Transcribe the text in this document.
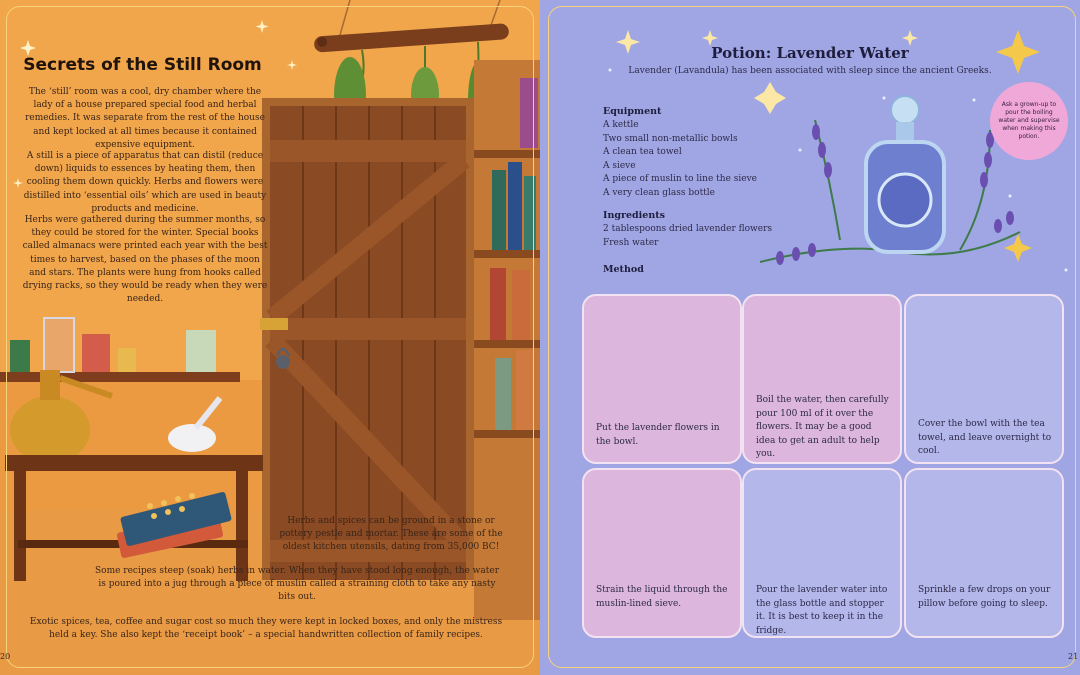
Secrets of the Still Room

The ‘still’ room was a cool, dry chamber where the lady of a house prepared special food and herbal remedies. It was separate from the rest of the house and kept locked at all times because it contained expensive equipment.

A still is a piece of apparatus that can distil (reduce down) liquids to essences by heating them, then cooling them down quickly. Herbs and flowers were distilled into ‘essential oils’ which are used in beauty products and medicine.

Herbs were gathered during the summer months, so they could be stored for the winter. Special books called almanacs were printed each year with the best times to harvest, based on the phases of the moon and stars. The plants were hung from hooks called drying racks, so they would be ready when they were needed.

Herbs and spices can be ground in a stone or pottery pestle and mortar. These are some of the oldest kitchen utensils, dating from 35,000 BC!

Some recipes steep (soak) herbs in water. When they have stood long enough, the water is poured into a jug through a piece of muslin called a straining cloth to take any nasty bits out.

Exotic spices, tea, coffee and sugar cost so much they were kept in locked boxes, and only the mistress held a key. She also kept the ‘receipt book’ – a special handwritten collection of family recipes.

20
Potion: Lavender Water

Lavender (Lavandula) has been associated with sleep since the ancient Greeks.

Ask a grown-up to pour the boiling water and supervise when making this potion.
Equipment
A kettle
Two small non-metallic bowls
A clean tea towel
A sieve
A piece of muslin to line the sieve
A very clean glass bottle
Ingredients
2 tablespoons dried lavender flowers
Fresh water
Method

Put the lavender flowers in the bowl.

Boil the water, then carefully pour 100 ml of it over the flowers. It may be a good idea to get an adult to help you.

Cover the bowl with the tea towel, and leave overnight to cool.

Strain the liquid through the muslin-lined sieve.

Pour the lavender water into the glass bottle and stopper it. It is best to keep it in the fridge.

Sprinkle a few drops on your pillow before going to sleep.

21
